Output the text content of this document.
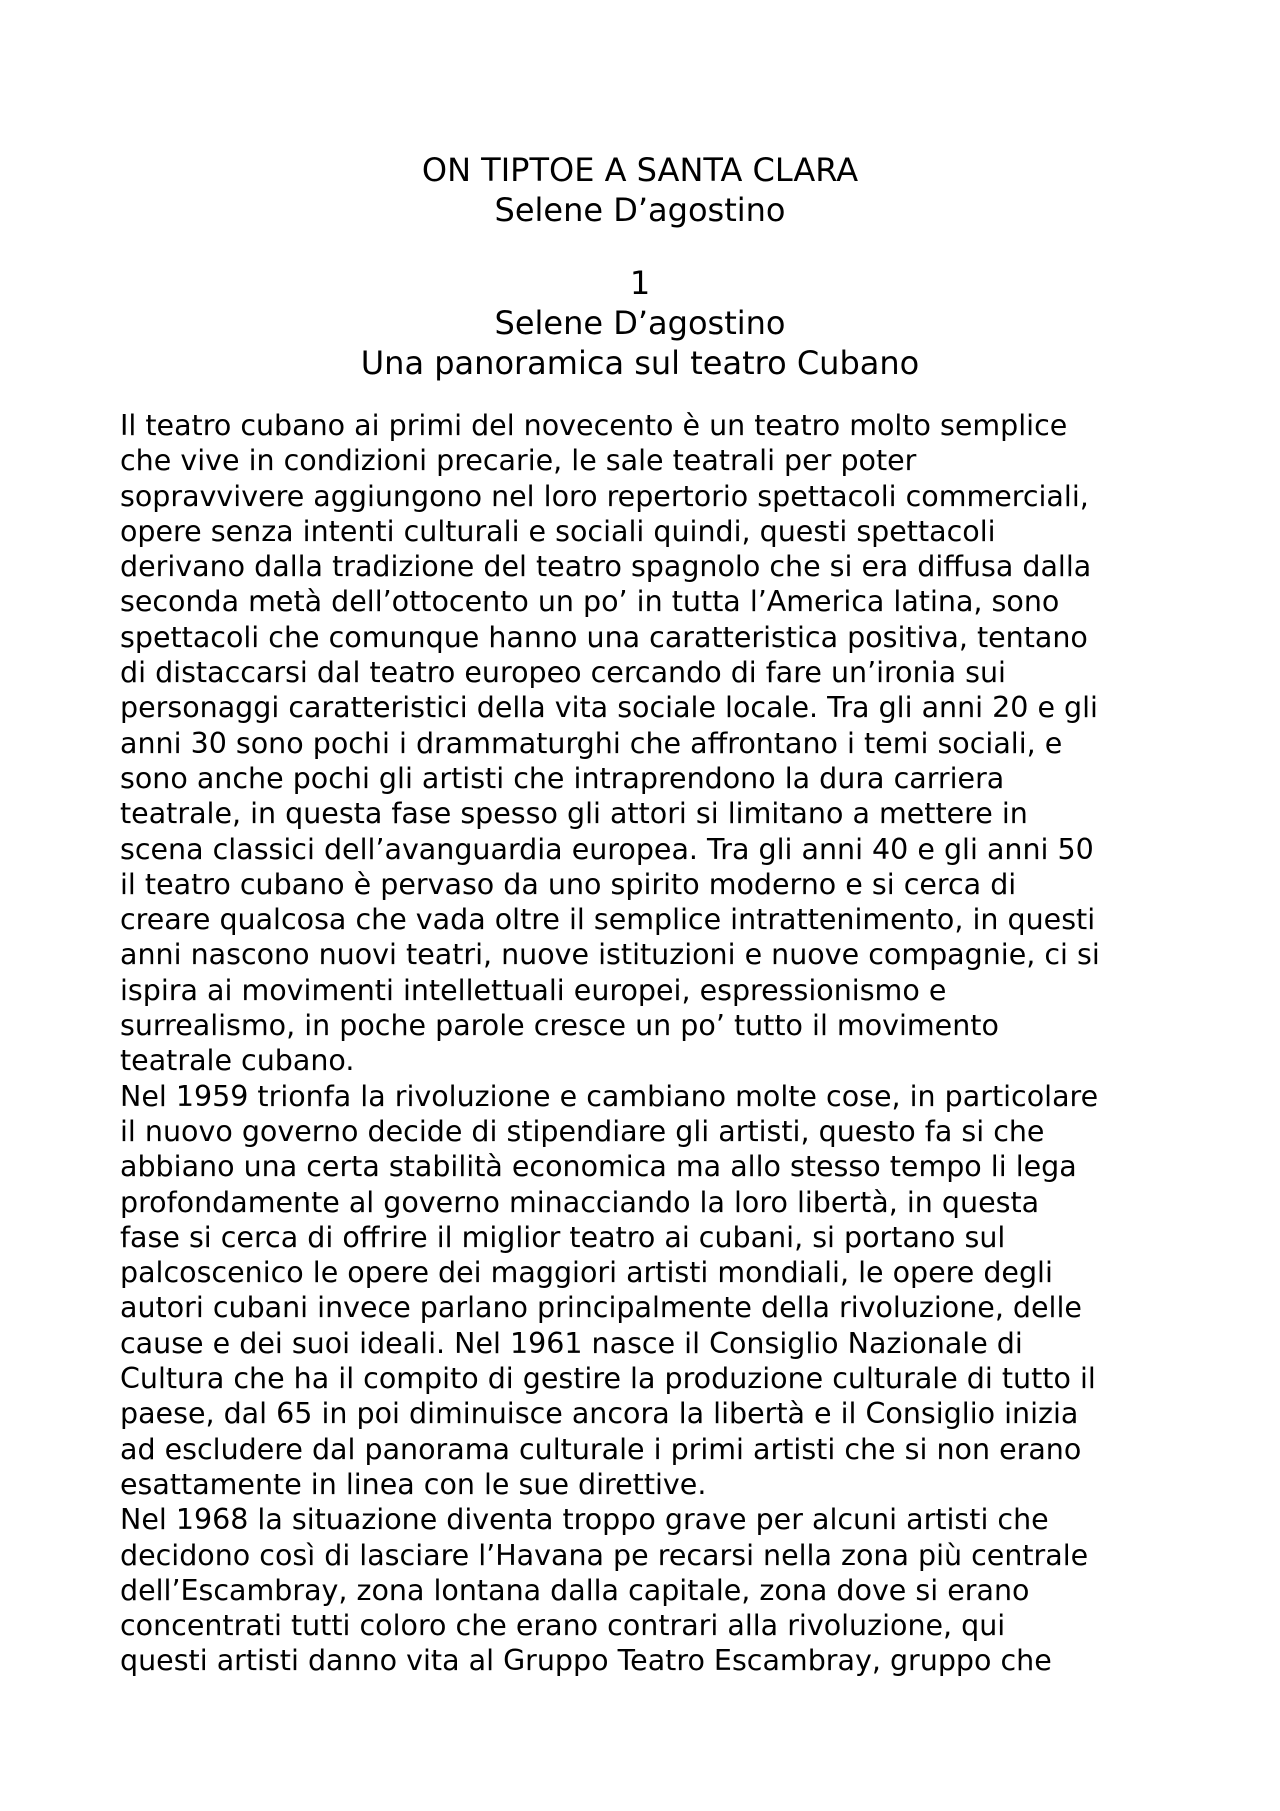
ON TIPTOE A SANTA CLARA
Selene D’agostino
1
Selene D’agostino
Una panoramica sul teatro Cubano
Il teatro cubano ai primi del novecento è un teatro molto semplice
che vive in condizioni precarie, le sale teatrali per poter
sopravvivere aggiungono nel loro repertorio spettacoli commerciali,
opere senza intenti culturali e sociali quindi, questi spettacoli
derivano dalla tradizione del teatro spagnolo che si era diffusa dalla
seconda metà dell’ottocento un po’ in tutta l’America latina, sono
spettacoli che comunque hanno una caratteristica positiva, tentano
di distaccarsi dal teatro europeo cercando di fare un’ironia sui
personaggi caratteristici della vita sociale locale. Tra gli anni 20 e gli
anni 30 sono pochi i drammaturghi che affrontano i temi sociali, e
sono anche pochi gli artisti che intraprendono la dura carriera
teatrale, in questa fase spesso gli attori si limitano a mettere in
scena classici dell’avanguardia europea. Tra gli anni 40 e gli anni 50
il teatro cubano è pervaso da uno spirito moderno e si cerca di
creare qualcosa che vada oltre il semplice intrattenimento, in questi
anni nascono nuovi teatri, nuove istituzioni e nuove compagnie, ci si
ispira ai movimenti intellettuali europei, espressionismo e
surrealismo, in poche parole cresce un po’ tutto il movimento
teatrale cubano.
Nel 1959 trionfa la rivoluzione e cambiano molte cose, in particolare
il nuovo governo decide di stipendiare gli artisti, questo fa si che
abbiano una certa stabilità economica ma allo stesso tempo li lega
profondamente al governo minacciando la loro libertà, in questa
fase si cerca di offrire il miglior teatro ai cubani, si portano sul
palcoscenico le opere dei maggiori artisti mondiali, le opere degli
autori cubani invece parlano principalmente della rivoluzione, delle
cause e dei suoi ideali. Nel 1961 nasce il Consiglio Nazionale di
Cultura che ha il compito di gestire la produzione culturale di tutto il
paese, dal 65 in poi diminuisce ancora la libertà e il Consiglio inizia
ad escludere dal panorama culturale i primi artisti che si non erano
esattamente in linea con le sue direttive.
Nel 1968 la situazione diventa troppo grave per alcuni artisti che
decidono così di lasciare l’Havana pe recarsi nella zona più centrale
dell’Escambray, zona lontana dalla capitale, zona dove si erano
concentrati tutti coloro che erano contrari alla rivoluzione, qui
questi artisti danno vita al Gruppo Teatro Escambray, gruppo che
